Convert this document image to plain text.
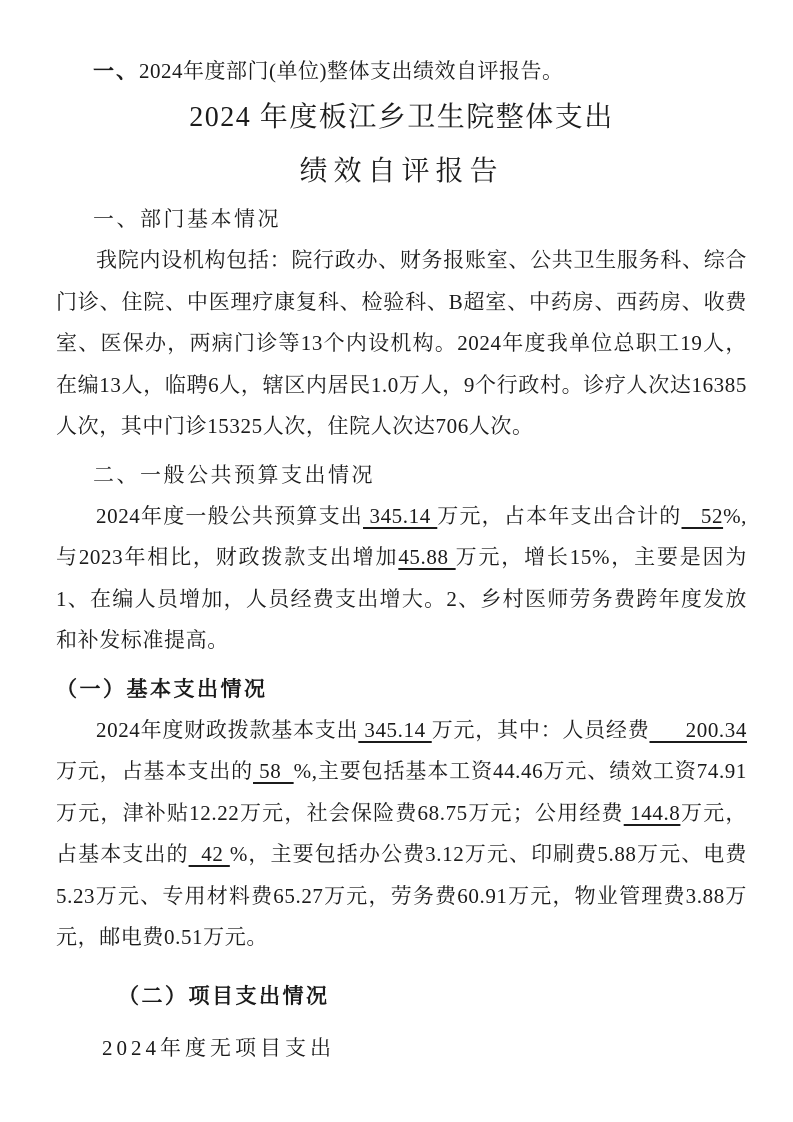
一、2024年度部门(单位)整体支出绩效自评报告。

2024 年度板江乡卫生院整体支出
绩效自评报告
一、部门基本情况

我院内设机构包括：院行政办、财务报账室、公共卫生服务科、综合门诊、住院、中医理疗康复科、检验科、B超室、中药房、西药房、收费室、医保办，两病门诊等13个内设机构。2024年度我单位总职工19人，在编13人，临聘6人，辖区内居民1.0万人，9个行政村。诊疗人次达16385人次，其中门诊15325人次，住院人次达706人次。

二、一般公共预算支出情况

2024年度一般公共预算支出 345.14 万元，占本年支出合计的   52%,与2023年相比，财政拨款支出增加45.88 万元，增长15%，主要是因为1、在编人员增加，人员经费支出增大。2、乡村医师劳务费跨年度发放和补发标准提高。

（一）基本支出情况

2024年度财政拨款基本支出 345.14 万元，其中：人员经费      200.34万元，占基本支出的 58  %,主要包括基本工资44.46万元、绩效工资74.91万元，津补贴12.22万元，社会保险费68.75万元；公用经费 144.8万元，占基本支出的  42 %，主要包括办公费3.12万元、印刷费5.88万元、电费5.23万元、专用材料费65.27万元，劳务费60.91万元，物业管理费3.88万元，邮电费0.51万元。

（二）项目支出情况

2024年度无项目支出
